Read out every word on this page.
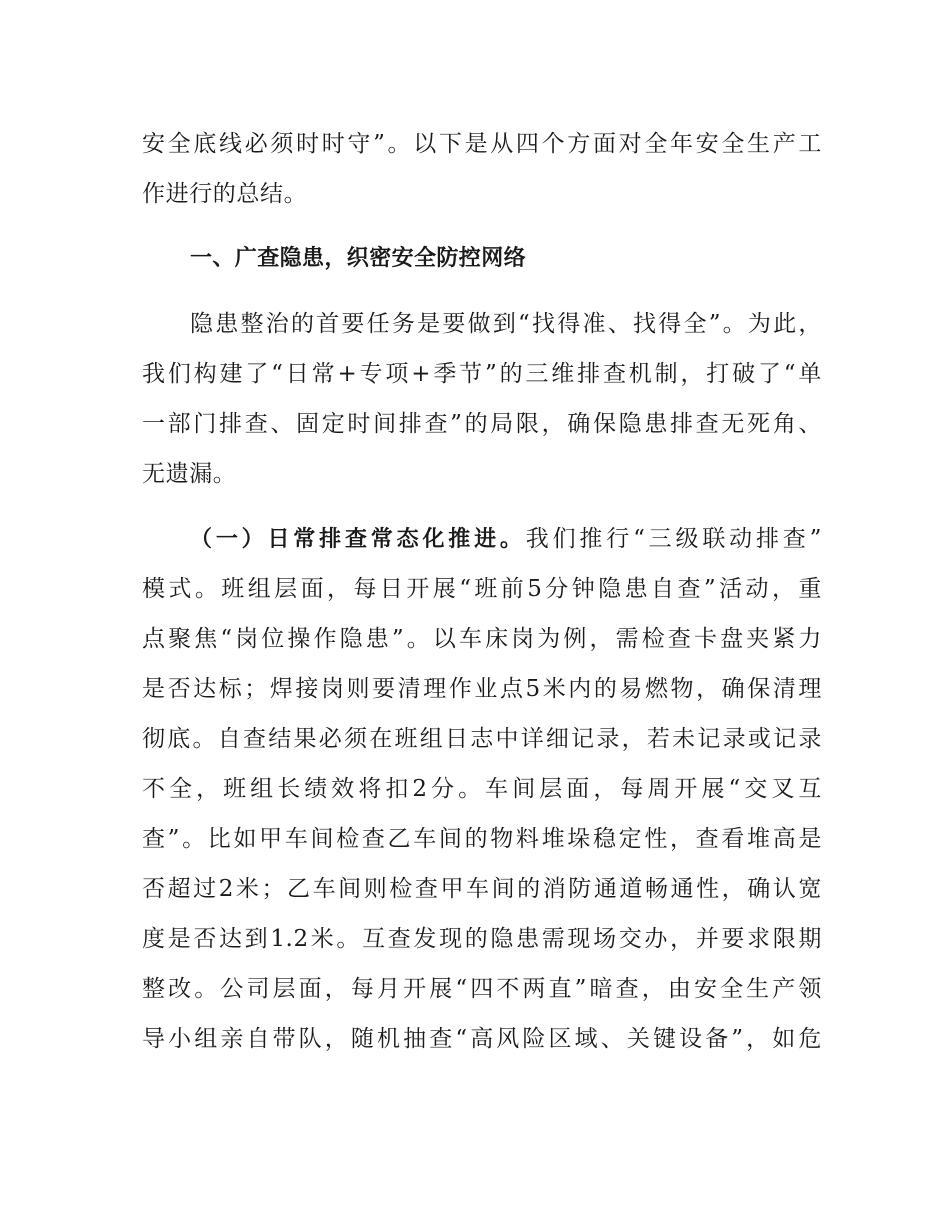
安全底线必须时时守”。以下是从四个方面对全年安全生产工
作进行的总结。
一、广查隐患，织密安全防控网络
隐患整治的首要任务是要做到“找得准、找得全”。为此，
我们构建了“日常+专项+季节”的三维排查机制，打破了“单
一部门排查、固定时间排查”的局限，确保隐患排查无死角、
无遗漏。
（一）日常排查常态化推进。我们推行“三级联动排查”
模式。班组层面，每日开展“班前5分钟隐患自查”活动，重
点聚焦“岗位操作隐患”。以车床岗为例，需检查卡盘夹紧力
是否达标；焊接岗则要清理作业点5米内的易燃物，确保清理
彻底。自查结果必须在班组日志中详细记录，若未记录或记录
不全，班组长绩效将扣2分。车间层面，每周开展“交叉互
查”。比如甲车间检查乙车间的物料堆垛稳定性，查看堆高是
否超过2米；乙车间则检查甲车间的消防通道畅通性，确认宽
度是否达到1.2米。互查发现的隐患需现场交办，并要求限期
整改。公司层面，每月开展“四不两直”暗查，由安全生产领
导小组亲自带队，随机抽查“高风险区域、关键设备”，如危
